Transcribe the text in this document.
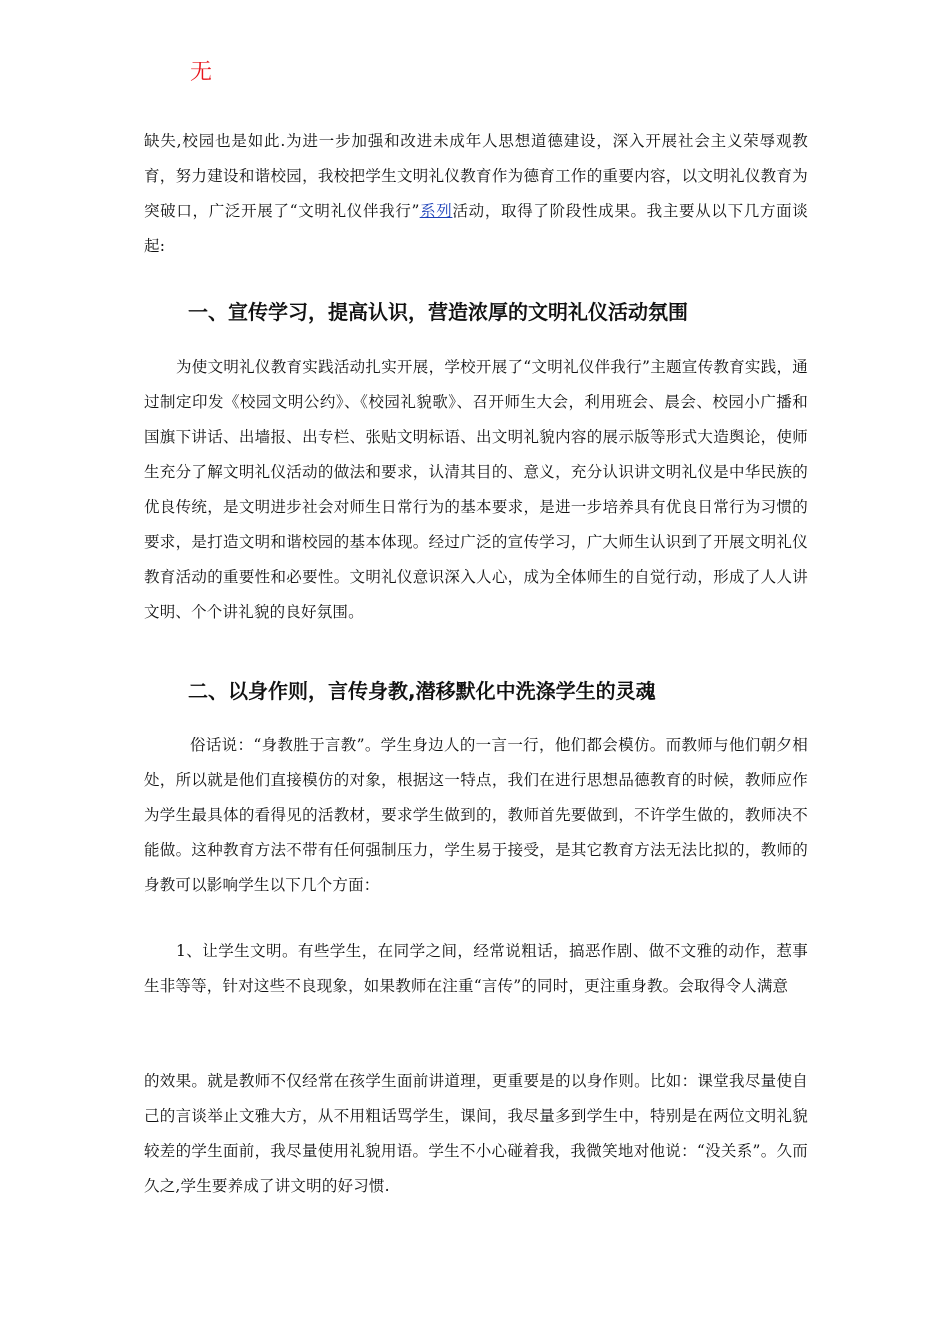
无

缺失,校园也是如此.为进一步加强和改进未成年人思想道德建设，深入开展社会主义荣辱观教育，努力建设和谐校园，我校把学生文明礼仪教育作为德育工作的重要内容，以文明礼仪教育为突破口，广泛开展了“文明礼仪伴我行”系列活动，取得了阶段性成果。我主要从以下几方面谈起:

一、宣传学习，提高认识，营造浓厚的文明礼仪活动氛围

为使文明礼仪教育实践活动扎实开展，学校开展了“文明礼仪伴我行”主题宣传教育实践，通过制定印发《校园文明公约》、《校园礼貌歌》、召开师生大会，利用班会、晨会、校园小广播和国旗下讲话、出墙报、出专栏、张贴文明标语、出文明礼貌内容的展示版等形式大造舆论，使师生充分了解文明礼仪活动的做法和要求，认清其目的、意义，充分认识讲文明礼仪是中华民族的优良传统，是文明进步社会对师生日常行为的基本要求，是进一步培养具有优良日常行为习惯的要求，是打造文明和谐校园的基本体现。经过广泛的宣传学习，广大师生认识到了开展文明礼仪教育活动的重要性和必要性。文明礼仪意识深入人心，成为全体师生的自觉行动，形成了人人讲文明、个个讲礼貌的良好氛围。

二、以身作则，言传身教,潜移默化中洗涤学生的灵魂

俗话说：“身教胜于言教”。学生身边人的一言一行，他们都会模仿。而教师与他们朝夕相处，所以就是他们直接模仿的对象，根据这一特点，我们在进行思想品德教育的时候，教师应作为学生最具体的看得见的活教材，要求学生做到的，教师首先要做到，不许学生做的，教师决不能做。这种教育方法不带有任何强制压力，学生易于接受，是其它教育方法无法比拟的，教师的身教可以影响学生以下几个方面：

1、让学生文明。有些学生，在同学之间，经常说粗话，搞恶作剧、做不文雅的动作，惹事生非等等，针对这些不良现象，如果教师在注重“言传”的同时，更注重身教。会取得令人满意

的效果。就是教师不仅经常在孩学生面前讲道理，更重要是的以身作则。比如：课堂我尽量使自己的言谈举止文雅大方，从不用粗话骂学生，课间，我尽量多到学生中，特别是在两位文明礼貌较差的学生面前，我尽量使用礼貌用语。学生不小心碰着我，我微笑地对他说：“没关系”。久而久之,学生要养成了讲文明的好习惯.
